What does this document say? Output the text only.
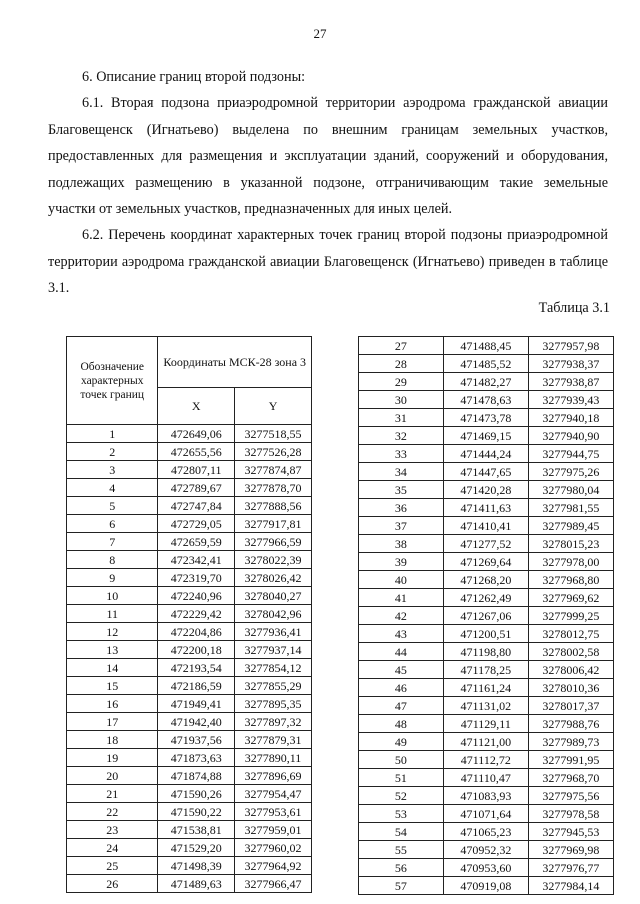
27

6. Описание границ второй подзоны:

6.1. Вторая подзона приаэродромной территории аэродрома гражданской авиации Благовещенск (Игнатьево) выделена по внешним границам земельных участков, предоставленных для размещения и эксплуатации зданий, сооружений и оборудования, подлежащих размещению в указанной подзоне, отграничивающим такие земельные участки от земельных участков, предназначенных для иных целей.

6.2. Перечень координат характерных точек границ второй подзоны приаэродромной территории аэродрома гражданской авиации Благовещенск (Игнатьево) приведен в таблице 3.1.

Таблица 3.1
Обозначение характерных точек границ	Координаты МСК-28 зона 3	
	X	Y
1	472649,06	3277518,55
2	472655,56	3277526,28
3	472807,11	3277874,87
4	472789,67	3277878,70
5	472747,84	3277888,56
6	472729,05	3277917,81
7	472659,59	3277966,59
8	472342,41	3278022,39
9	472319,70	3278026,42
10	472240,96	3278040,27
11	472229,42	3278042,96
12	472204,86	3277936,41
13	472200,18	3277937,14
14	472193,54	3277854,12
15	472186,59	3277855,29
16	471949,41	3277895,35
17	471942,40	3277897,32
18	471937,56	3277879,31
19	471873,63	3277890,11
20	471874,88	3277896,69
21	471590,26	3277954,47
22	471590,22	3277953,61
23	471538,81	3277959,01
24	471529,20	3277960,02
25	471498,39	3277964,92
26	471489,63	3277966,47
27	471488,45	3277957,98
28	471485,52	3277938,37
29	471482,27	3277938,87
30	471478,63	3277939,43
31	471473,78	3277940,18
32	471469,15	3277940,90
33	471444,24	3277944,75
34	471447,65	3277975,26
35	471420,28	3277980,04
36	471411,63	3277981,55
37	471410,41	3277989,45
38	471277,52	3278015,23
39	471269,64	3277978,00
40	471268,20	3277968,80
41	471262,49	3277969,62
42	471267,06	3277999,25
43	471200,51	3278012,75
44	471198,80	3278002,58
45	471178,25	3278006,42
46	471161,24	3278010,36
47	471131,02	3278017,37
48	471129,11	3277988,76
49	471121,00	3277989,73
50	471112,72	3277991,95
51	471110,47	3277968,70
52	471083,93	3277975,56
53	471071,64	3277978,58
54	471065,23	3277945,53
55	470952,32	3277969,98
56	470953,60	3277976,77
57	470919,08	3277984,14
